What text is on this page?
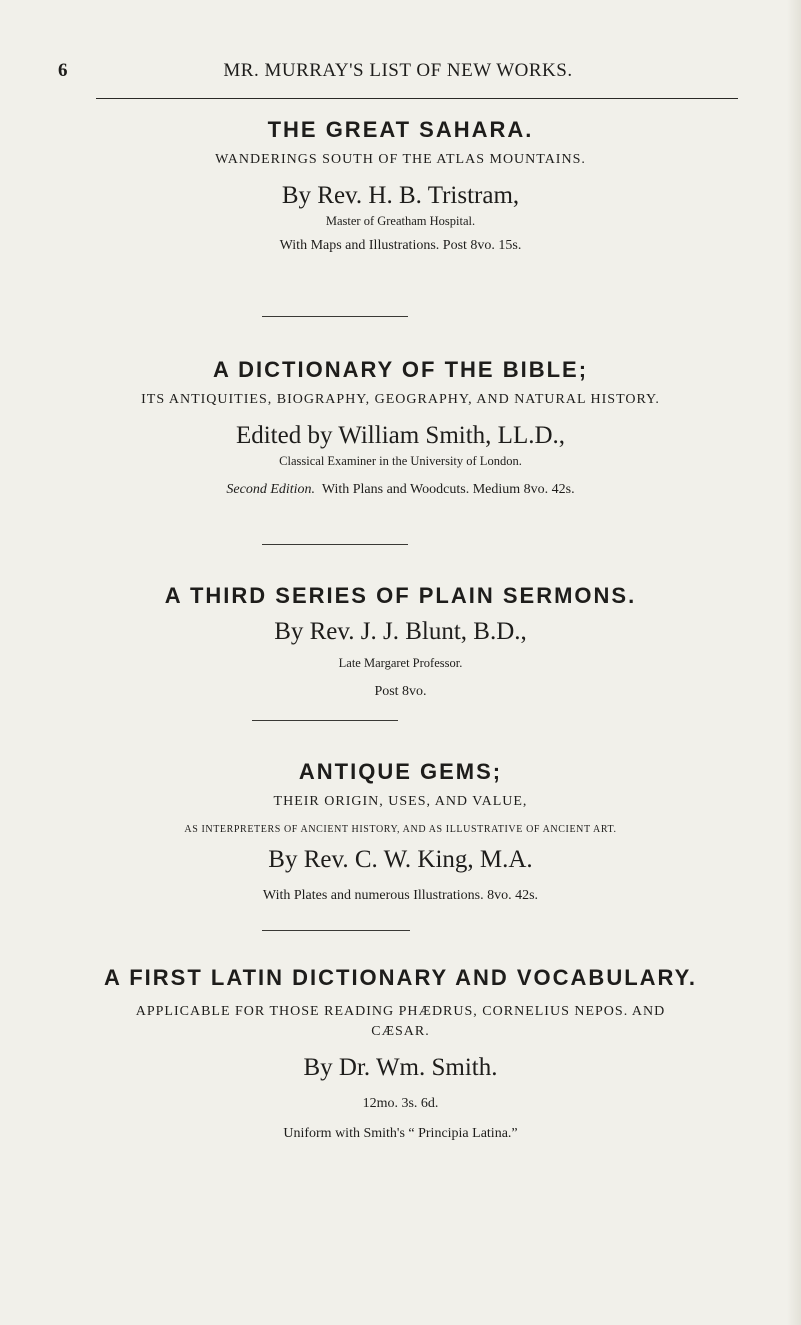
6	MR. MURRAY'S LIST OF NEW WORKS.
THE GREAT SAHARA.
WANDERINGS SOUTH OF THE ATLAS MOUNTAINS.
By Rev. H. B. Tristram,
Master of Greatham Hospital.
With Maps and Illustrations. Post 8vo. 15s.
A DICTIONARY OF THE BIBLE;
ITS ANTIQUITIES, BIOGRAPHY, GEOGRAPHY, AND NATURAL HISTORY.
Edited by William Smith, LL.D.,
Classical Examiner in the University of London.
Second Edition. With Plans and Woodcuts. Medium 8vo. 42s.
A THIRD SERIES OF PLAIN SERMONS.
By Rev. J. J. Blunt, B.D.,
Late Margaret Professor.
Post 8vo.
ANTIQUE GEMS;
THEIR ORIGIN, USES, AND VALUE,
AS INTERPRETERS OF ANCIENT HISTORY, AND AS ILLUSTRATIVE OF ANCIENT ART.
By Rev. C. W. King, M.A.
With Plates and numerous Illustrations. 8vo. 42s.
A FIRST LATIN DICTIONARY AND VOCABULARY.
APPLICABLE FOR THOSE READING PHÆDRUS, CORNELIUS NEPOS. AND
CÆSAR.
By Dr. Wm. Smith.
12mo. 3s. 6d.
Uniform with Smith's “ Principia Latina.”
